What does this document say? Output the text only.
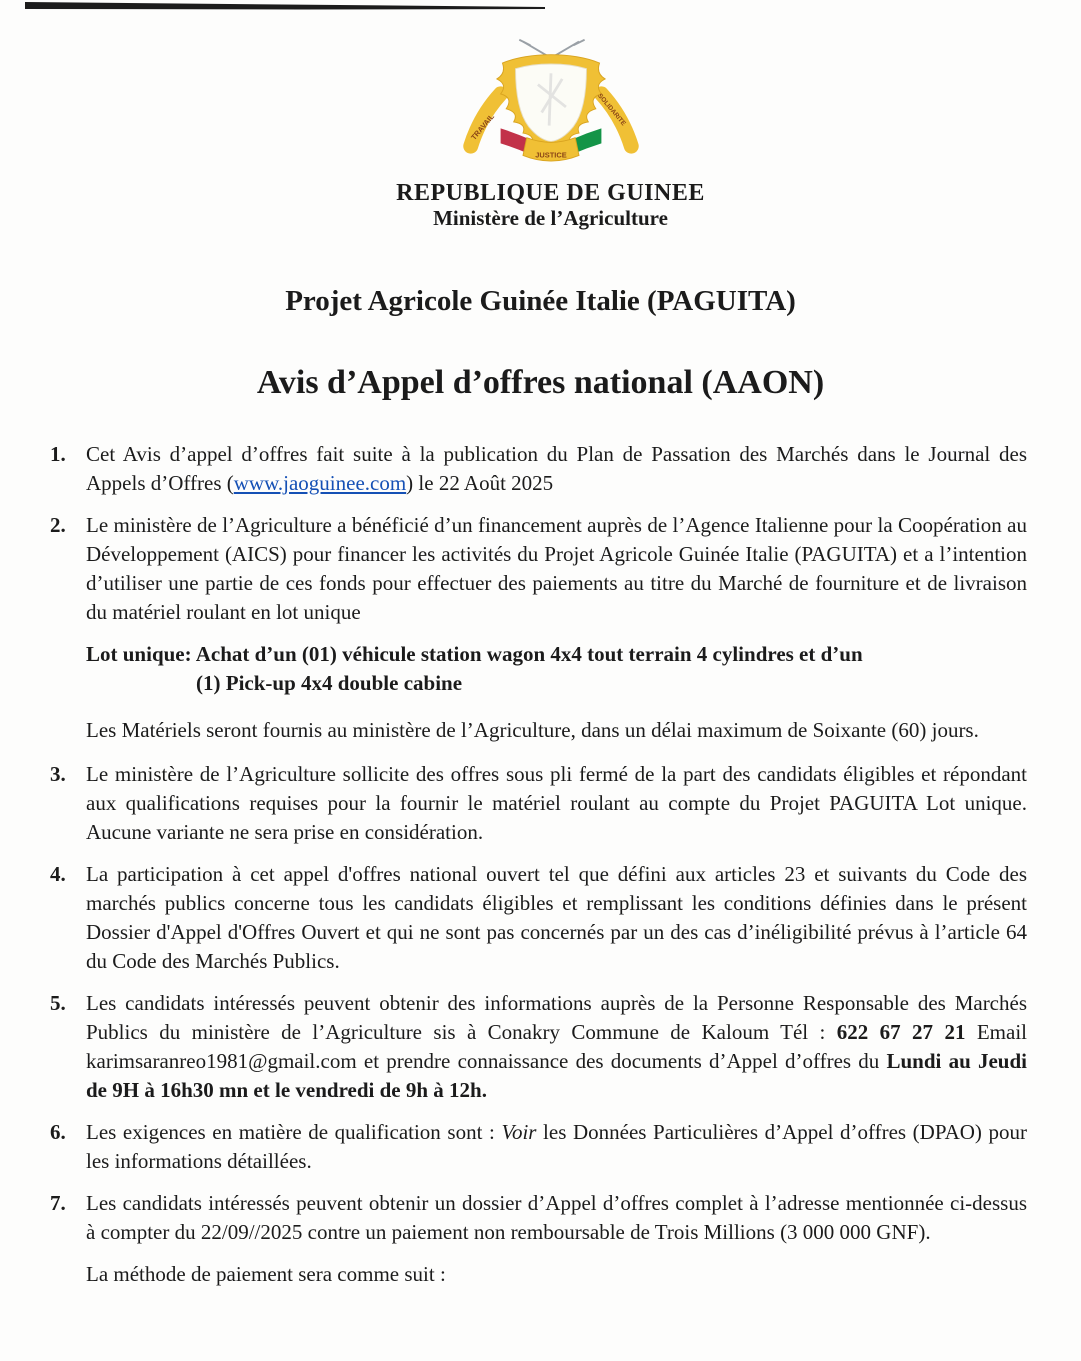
TRAVAIL
JUSTICE
SOLIDARITE
REPUBLIQUE DE GUINEE
Ministère de l’Agriculture
Projet Agricole Guinée Italie (PAGUITA)
Avis d’Appel d’offres national (AAON)
1. Cet Avis d’appel d’offres fait suite à la publication du Plan de Passation des Marchés dans le Journal des Appels d’Offres (www.jaoguinee.com) le 22 Août 2025
2. Le ministère de l’Agriculture a bénéficié d’un financement auprès de l’Agence Italienne pour la Coopération au Développement (AICS) pour financer les activités du Projet Agricole Guinée Italie (PAGUITA) et a l’intention d’utiliser une partie de ces fonds pour effectuer des paiements au titre du Marché de fourniture et de livraison du matériel roulant en lot unique
Lot unique: Achat d’un (01) véhicule station wagon 4x4 tout terrain 4 cylindres et d’un
(1) Pick-up 4x4 double cabine
Les Matériels seront fournis au ministère de l’Agriculture, dans un délai maximum de Soixante (60) jours.
3. Le ministère de l’Agriculture sollicite des offres sous pli fermé de la part des candidats éligibles et répondant aux qualifications requises pour la fournir le matériel roulant au compte du Projet PAGUITA Lot unique. Aucune variante ne sera prise en considération.
4. La participation à cet appel d'offres national ouvert tel que défini aux articles 23 et suivants du Code des marchés publics concerne tous les candidats éligibles et remplissant les conditions définies dans le présent Dossier d'Appel d'Offres Ouvert et qui ne sont pas concernés par un des cas d’inéligibilité prévus à l’article 64 du Code des Marchés Publics.
5. Les candidats intéressés peuvent obtenir des informations auprès de la Personne Responsable des Marchés Publics du ministère de l’Agriculture sis à Conakry Commune de Kaloum Tél : 622 67 27 21 Email karimsaranreo1981@gmail.com et prendre connaissance des documents d’Appel d’offres du Lundi au Jeudi de 9H à 16h30 mn et le vendredi de 9h à 12h.
6. Les exigences en matière de qualification sont : Voir les Données Particulières d’Appel d’offres (DPAO) pour les informations détaillées.
7. Les candidats intéressés peuvent obtenir un dossier d’Appel d’offres complet à l’adresse mentionnée ci-dessus à compter du 22/09//2025 contre un paiement non remboursable de Trois Millions (3 000 000 GNF).
La méthode de paiement sera comme suit :
